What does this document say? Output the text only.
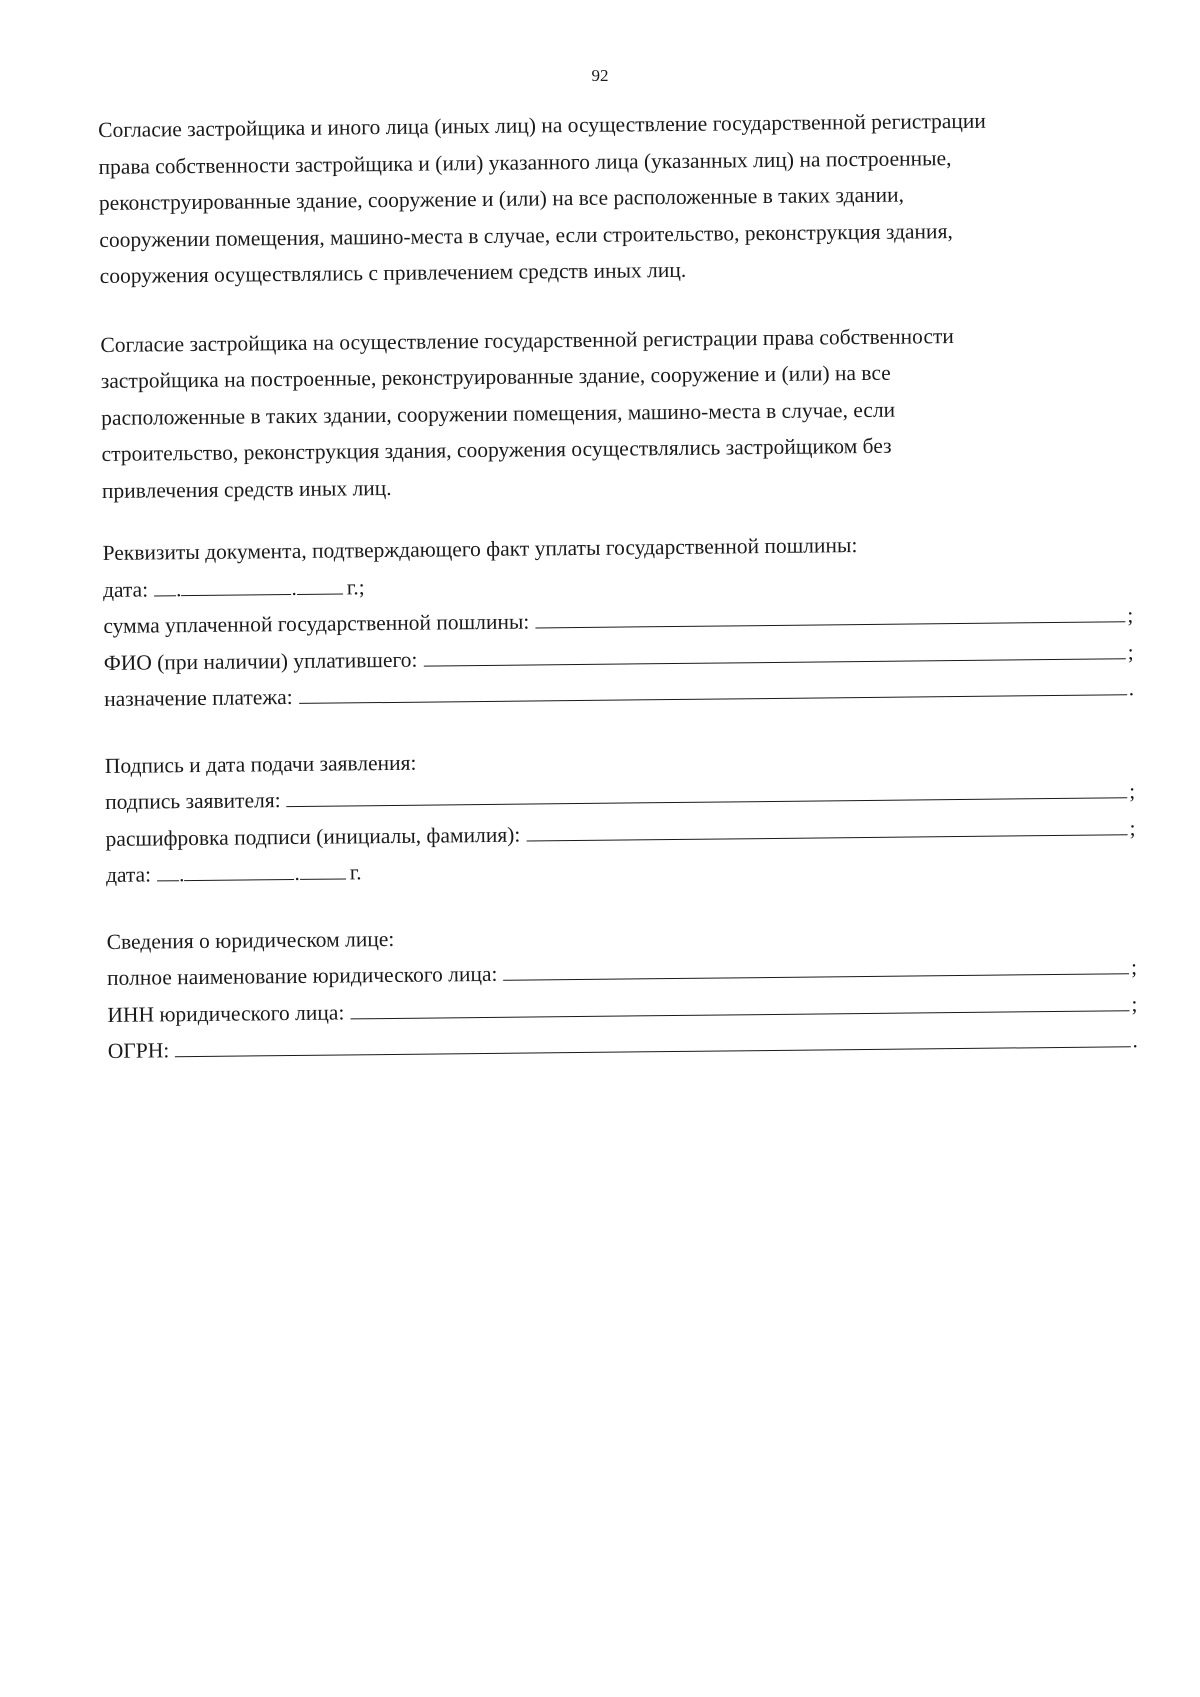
92
Согласие застройщика и иного лица (иных лиц) на осуществление государственной регистрации
права собственности застройщика и (или) указанного лица (указанных лиц) на построенные,
реконструированные здание, сооружение и (или) на все расположенные в таких здании,
сооружении помещения, машино-места в случае, если строительство, реконструкция здания,
сооружения осуществлялись с привлечением средств иных лиц.
Согласие застройщика на осуществление государственной регистрации права собственности
застройщика на построенные, реконструированные здание, сооружение и (или) на все
расположенные в таких здании, сооружении помещения, машино-места в случае, если
строительство, реконструкция здания, сооружения осуществлялись застройщиком без
привлечения средств иных лиц.
Реквизиты документа, подтверждающего факт уплаты государственной пошлины:
дата: .	. г.;
сумма уплаченной государственной пошлины:	;
ФИО (при наличии) уплатившего:	;
назначение платежа:	.
Подпись и дата подачи заявления:
подпись заявителя:	;
расшифровка подписи (инициалы, фамилия):	;
дата: .	. г.
Сведения о юридическом лице:
полное наименование юридического лица:	;
ИНН юридического лица:	;
ОГРН:	.
